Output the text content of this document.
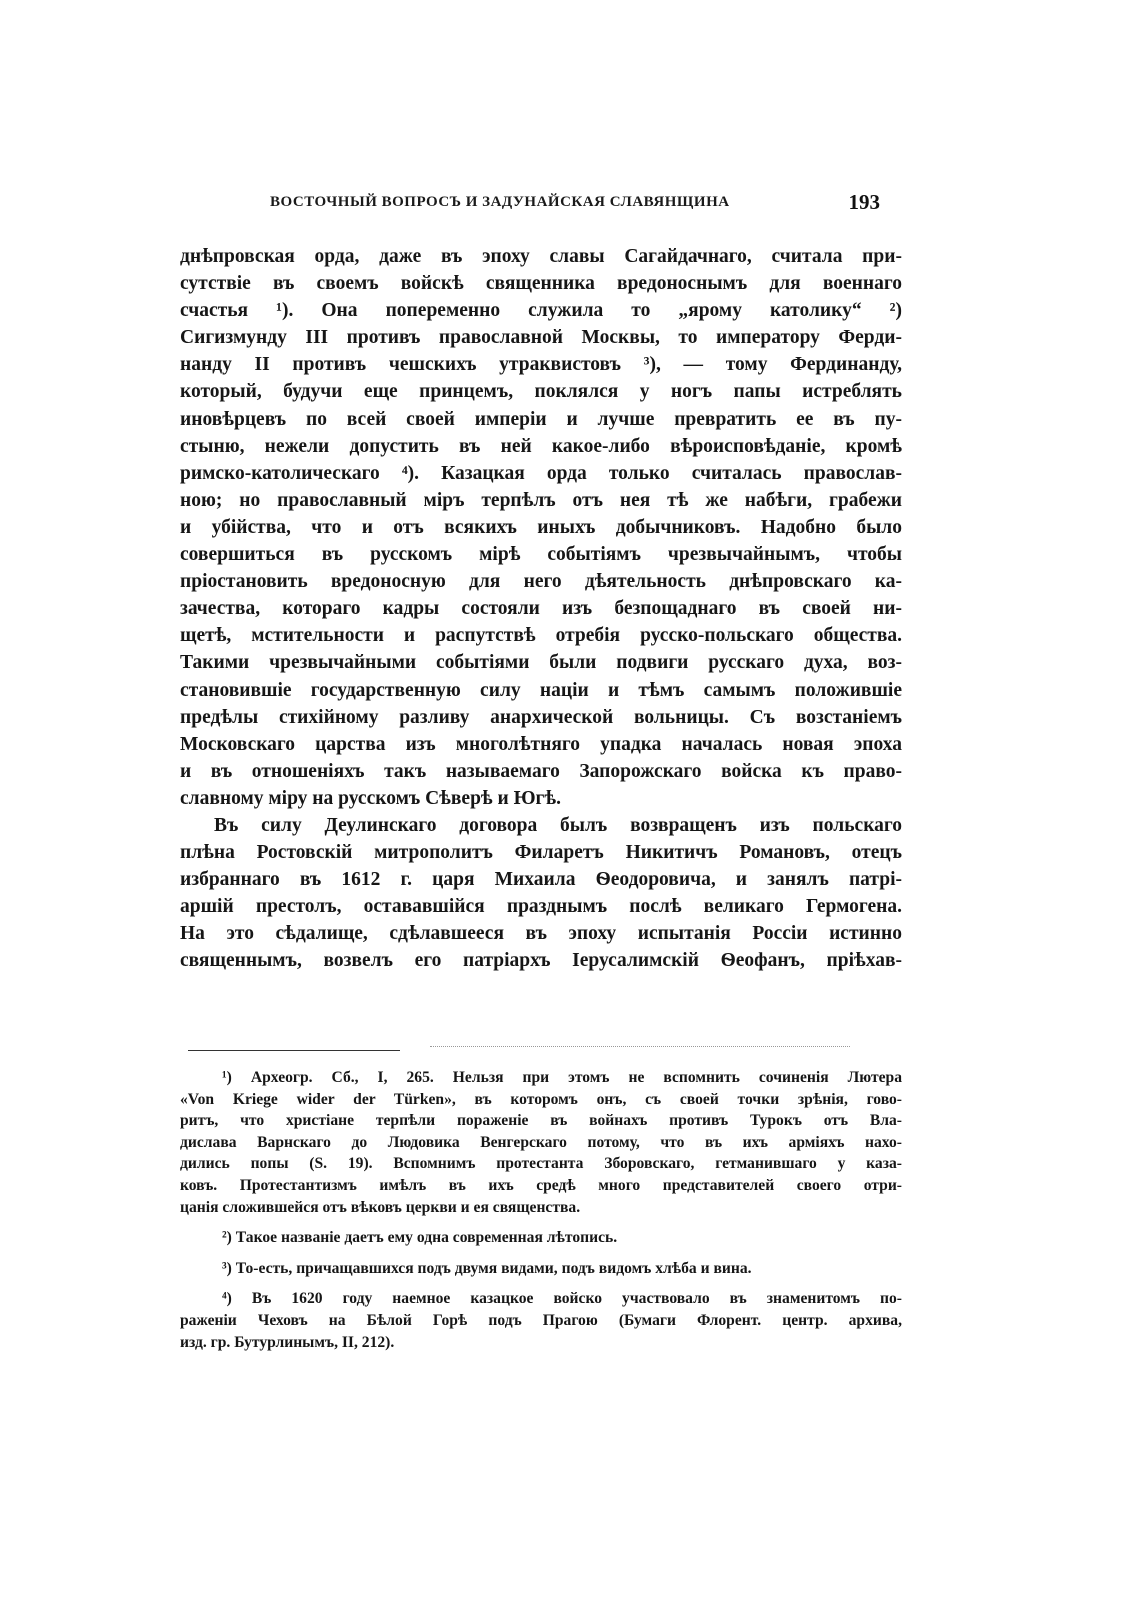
ВОСТОЧНЫЙ ВОПРОСЪ И ЗАДУНАЙСКАЯ СЛАВЯНЩИНА	193
днѣпровская орда, даже въ эпоху славы Сагайдачнаго, считала при-
сутствіе въ своемъ войскѣ священника вредоноснымъ для военнаго
счастья ¹). Она попеременно служила то „ярому католику“ ²)
Сигизмунду III противъ православной Москвы, то императору Ферди-
нанду II противъ чешскихъ утраквистовъ ³), — тому Фердинанду,
который, будучи еще принцемъ, поклялся у ногъ папы истреблять
иновѣрцевъ по всей своей имперіи и лучше превратить ее въ пу-
стыню, нежели допустить въ ней какое-либо вѣроисповѣданіе, кромѣ
римско-католическаго ⁴). Казацкая орда только считалась православ-
ною; но православный міръ терпѣлъ отъ нея тѣ же набѣги, грабежи
и убійства, что и отъ всякихъ иныхъ добычниковъ. Надобно было
совершиться въ русскомъ мірѣ событіямъ чрезвычайнымъ, чтобы
пріостановить вредоносную для него дѣятельность днѣпровскаго ка-
зачества, котораго кадры состояли изъ безпощаднаго въ своей ни-
щетѣ, мстительности и распутствѣ отребія русско-польскаго общества.
Такими чрезвычайными событіями были подвиги русскаго духа, воз-
становившіе государственную силу націи и тѣмъ самымъ положившіе
предѣлы стихійному разливу анархической вольницы. Съ возстаніемъ
Московскаго царства изъ многолѣтняго упадка началась новая эпоха
и въ отношеніяхъ такъ называемаго Запорожскаго войска къ право-
славному міру на русскомъ Сѣверѣ и Югѣ.
Въ силу Деулинскаго договора былъ возвращенъ изъ польскаго
плѣна Ростовскій митрополитъ Филаретъ Никитичъ Романовъ, отецъ
избраннаго въ 1612 г. царя Михаила Ѳеодоровича, и занялъ патрі-
аршій престолъ, остававшійся празднымъ послѣ великаго Гермогена.
На это сѣдалище, сдѣлавшееся въ эпоху испытанія Россіи истинно
священнымъ, возвелъ его патріархъ Іерусалимскій Ѳеофанъ, пріѣхав-
¹) Археогр. Сб., I, 265. Нельзя при этомъ не вспомнить сочиненія Лютера
«Von Kriege wider der Türken», въ которомъ онъ, съ своей точки зрѣнія, гово-
ритъ, что христіане терпѣли пораженіе въ войнахъ противъ Турокъ отъ Вла-
дислава Варнскаго до Людовика Венгерскаго потому, что въ ихъ арміяхъ нахо-
дились попы (S. 19). Вспомнимъ протестанта Зборовскаго, гетманившаго у каза-
ковъ. Протестантизмъ имѣлъ въ ихъ средѣ много представителей своего отри-
цанія сложившейся отъ вѣковъ церкви и ея священства.
²) Такое названіе даетъ ему одна современная лѣтопись.
³) То-есть, причащавшихся подъ двумя видами, подъ видомъ хлѣба и вина.
⁴) Въ 1620 году наемное казацкое войско участвовало въ знаменитомъ по-
раженіи Чеховъ на Бѣлой Горѣ подъ Прагою (Бумаги Флорент. центр. архива,
изд. гр. Бутурлинымъ, II, 212).
